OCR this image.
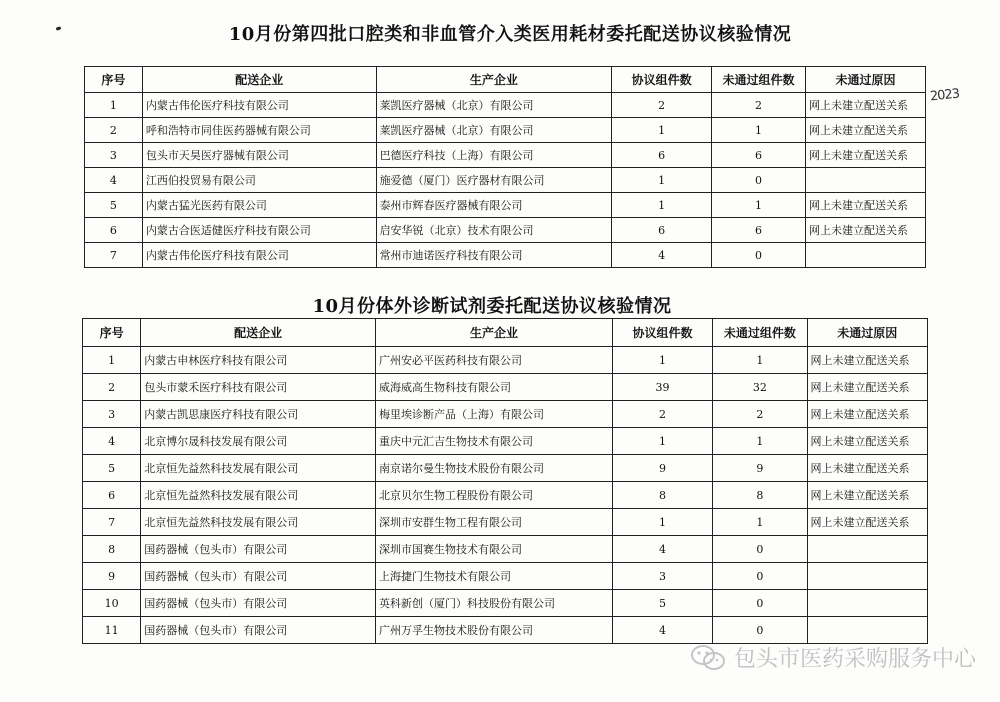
10月份第四批口腔类和非血管介入类医用耗材委托配送协议核验情况
序号	配送企业	生产企业	协议组件数	未通过组件数	未通过原因
1	内蒙古伟伦医疗科技有限公司	莱凯医疗器械（北京）有限公司	2	2	网上未建立配送关系
2	呼和浩特市同佳医药器械有限公司	莱凯医疗器械（北京）有限公司	1	1	网上未建立配送关系
3	包头市天昊医疗器械有限公司	巴德医疗科技（上海）有限公司	6	6	网上未建立配送关系
4	江西伯投贸易有限公司	施爱德（厦门）医疗器材有限公司	1	0	
5	内蒙古猛光医药有限公司	泰州市辉春医疗器械有限公司	1	1	网上未建立配送关系
6	内蒙古合医适健医疗科技有限公司	启安华锐（北京）技术有限公司	6	6	网上未建立配送关系
7	内蒙古伟伦医疗科技有限公司	常州市迪诺医疗科技有限公司	4	0	
2023
10月份体外诊断试剂委托配送协议核验情况
序号	配送企业	生产企业	协议组件数	未通过组件数	未通过原因
1	内蒙古申林医疗科技有限公司	广州安必平医药科技有限公司	1	1	网上未建立配送关系
2	包头市蒙禾医疗科技有限公司	威海威高生物科技有限公司	39	32	网上未建立配送关系
3	内蒙古凯思康医疗科技有限公司	梅里埃诊断产品（上海）有限公司	2	2	网上未建立配送关系
4	北京博尔晟科技发展有限公司	重庆中元汇吉生物技术有限公司	1	1	网上未建立配送关系
5	北京恒先益然科技发展有限公司	南京诺尔曼生物技术股份有限公司	9	9	网上未建立配送关系
6	北京恒先益然科技发展有限公司	北京贝尔生物工程股份有限公司	8	8	网上未建立配送关系
7	北京恒先益然科技发展有限公司	深圳市安群生物工程有限公司	1	1	网上未建立配送关系
8	国药器械（包头市）有限公司	深圳市国赛生物技术有限公司	4	0	
9	国药器械（包头市）有限公司	上海捷门生物技术有限公司	3	0	
10	国药器械（包头市）有限公司	英科新创（厦门）科技股份有限公司	5	0	
11	国药器械（包头市）有限公司	广州万孚生物技术股份有限公司	4	0	
包头市医药采购服务中心
